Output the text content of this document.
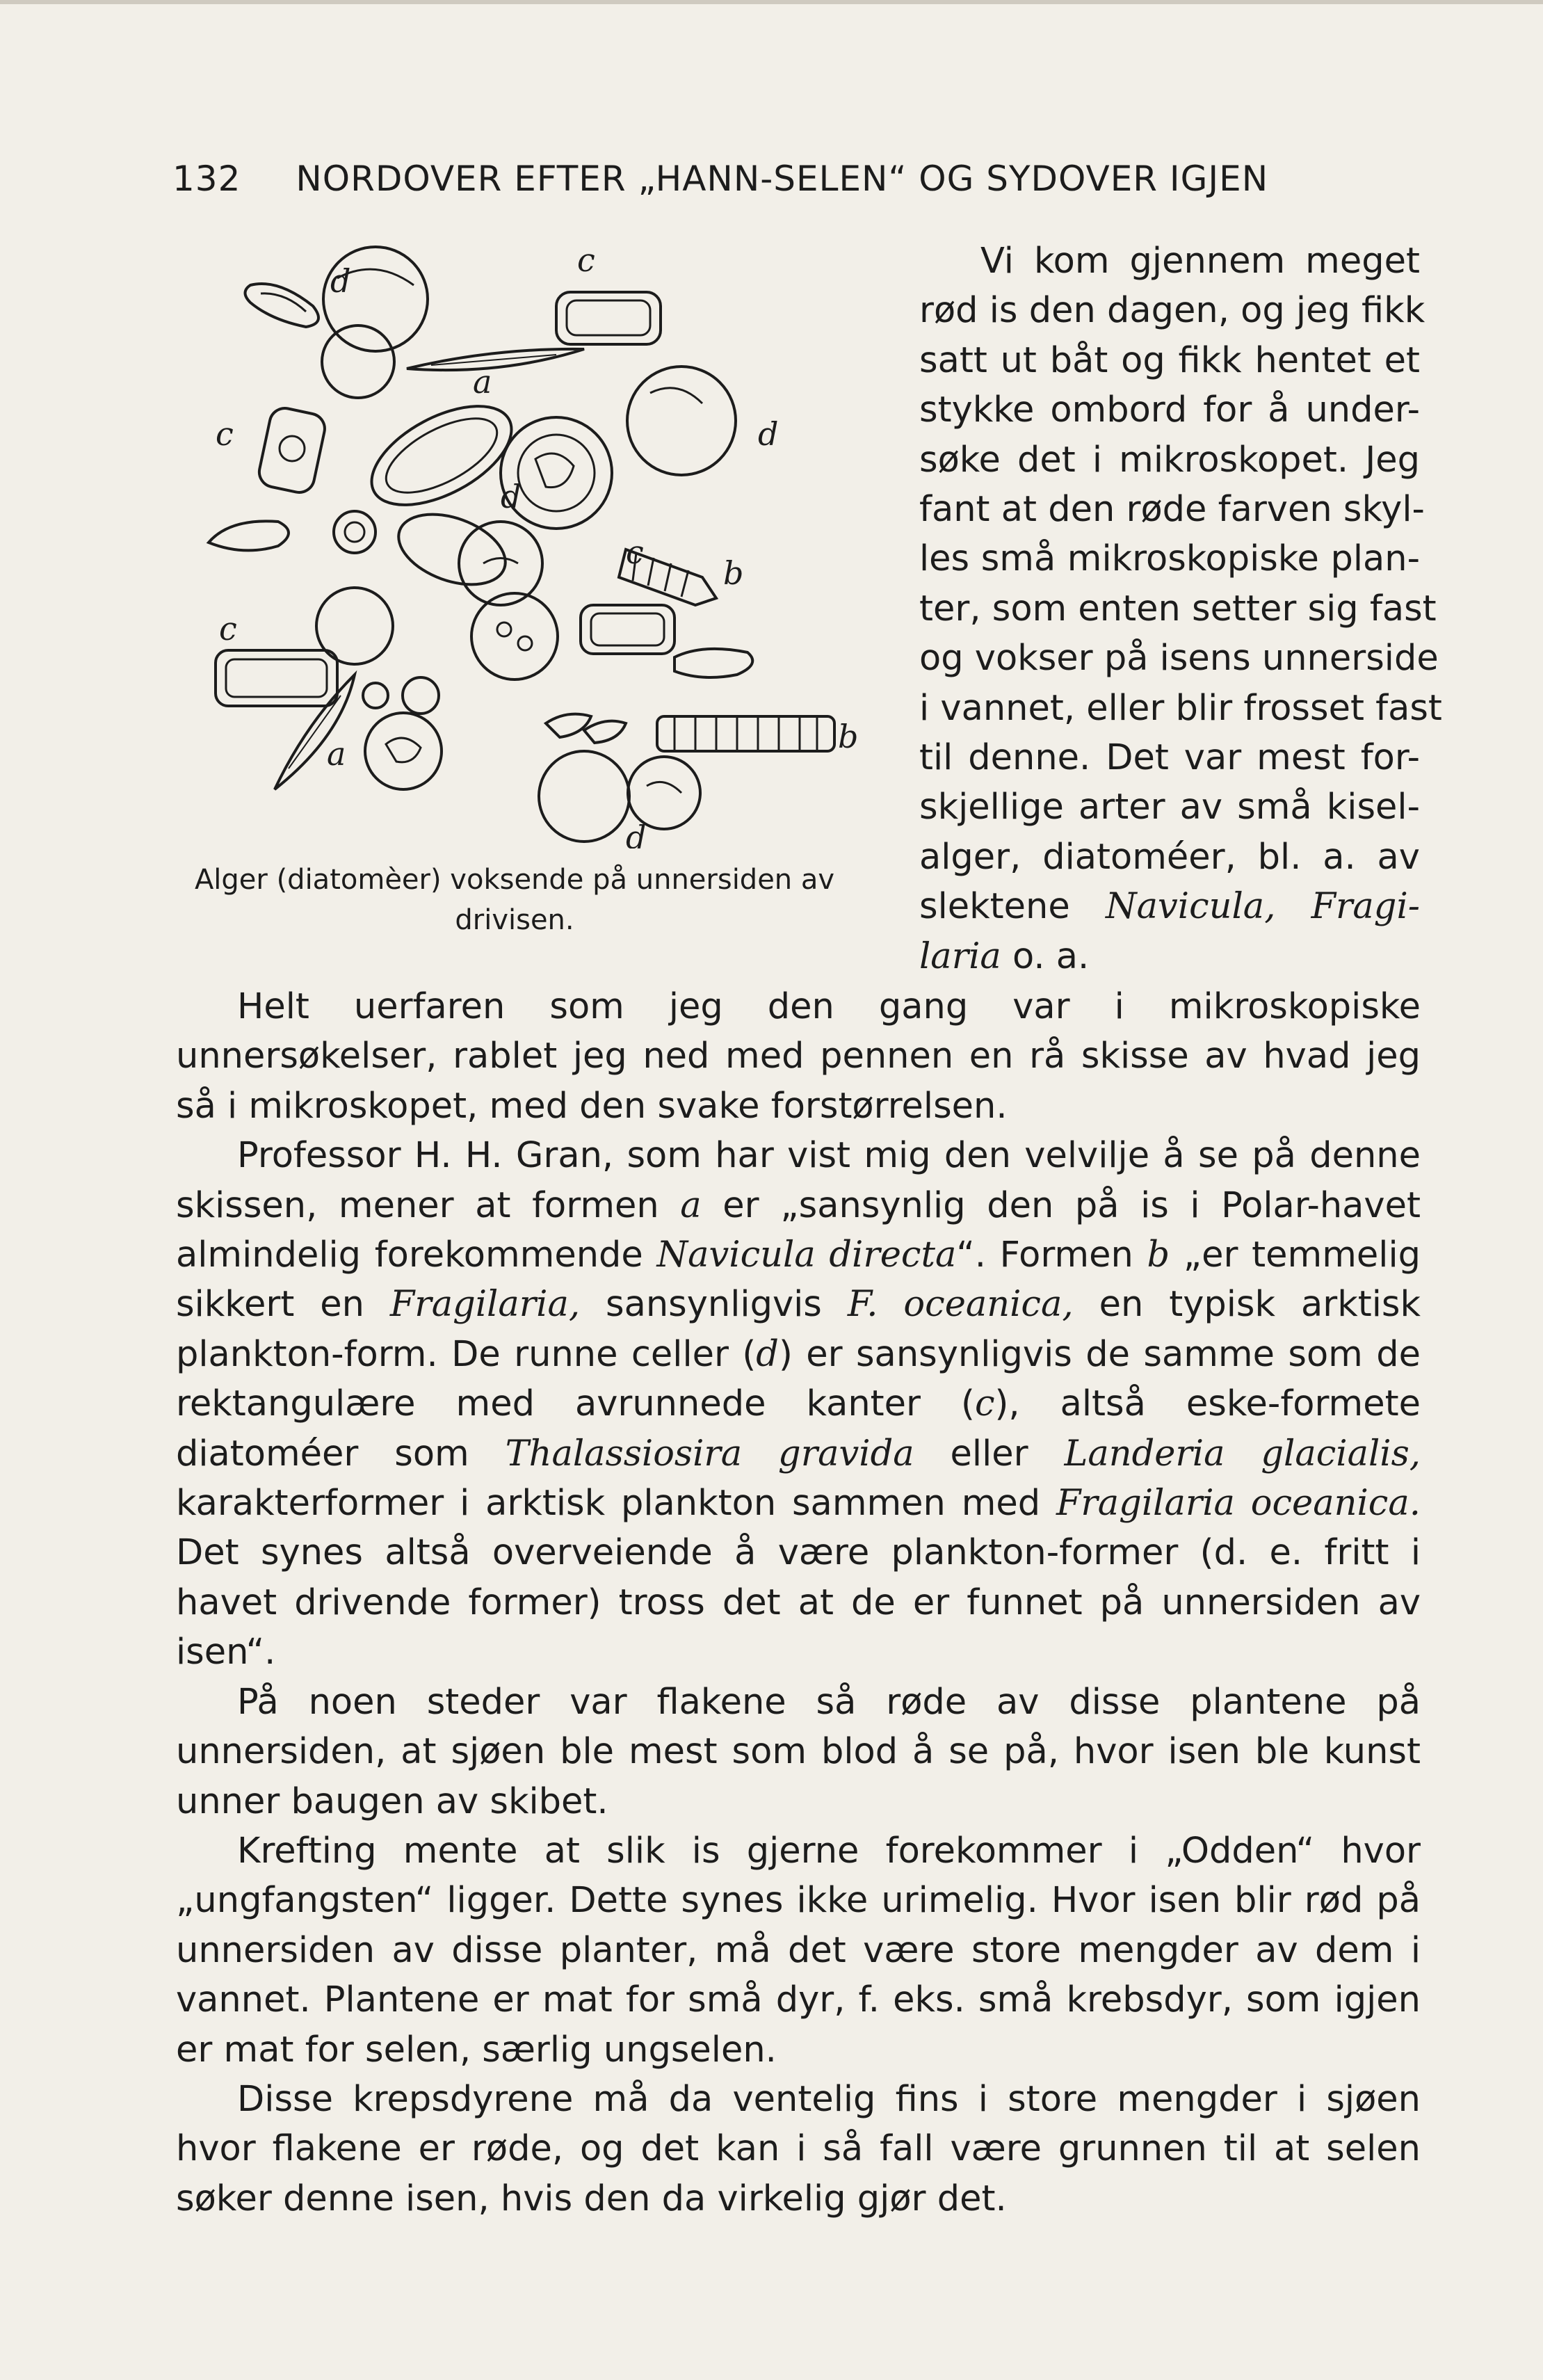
132 NORDOVER EFTER „HANN-SELEN“ OG SYDOVER IGJEN
d
c
a
c	d
d
c
b
c
b
a
d
Alger (diatomèer) voksende på unnersiden av drivisen.
Vi kom gjennem meget
rød is den dagen, og jeg fikk
satt ut båt og fikk hentet et
stykke ombord for å under-
søke det i mikroskopet. Jeg
fant at den røde farven skyl-
les små mikroskopiske plan-
ter, som enten setter sig fast
og vokser på isens unnerside
i vannet, eller blir frosset fast
til denne. Det var mest for-
skjellige arter av små kisel-
alger, diatoméer, bl. a. av
slektene Navicula, Fragi-
laria o. a.

Helt uerfaren som jeg den gang var i mikroskopiske unnersøkelser, rablet jeg ned med pennen en rå skisse av hvad jeg så i mikroskopet, med den svake forstørrelsen.

Professor H. H. Gran, som har vist mig den velvilje å se på denne skissen, mener at formen a er „sansynlig den på is i Polar-havet almindelig forekommende Navicula directa“. Formen b „er temmelig sikkert en Fragilaria, sansynligvis F. oceanica, en typisk arktisk plankton-form. De runne celler (d) er sansynligvis de samme som de rektangulære med avrunnede kanter (c), altså eske-formete diatoméer som Thalassiosira gravida eller Landeria glacialis, karakterformer i arktisk plankton sammen med Fragilaria oceanica. Det synes altså overveiende å være plankton-former (d. e. fritt i havet drivende former) tross det at de er funnet på unnersiden av isen“.

På noen steder var flakene så røde av disse plantene på unnersiden, at sjøen ble mest som blod å se på, hvor isen ble kunst unner baugen av skibet.

Krefting mente at slik is gjerne forekommer i „Odden“ hvor „ungfangsten“ ligger. Dette synes ikke urimelig. Hvor isen blir rød på unnersiden av disse planter, må det være store mengder av dem i vannet. Plantene er mat for små dyr, f. eks. små krebsdyr, som igjen er mat for selen, særlig ungselen.

Disse krepsdyrene må da ventelig fins i store mengder i sjøen hvor flakene er røde, og det kan i så fall være grunnen til at selen søker denne isen, hvis den da virkelig gjør det.
